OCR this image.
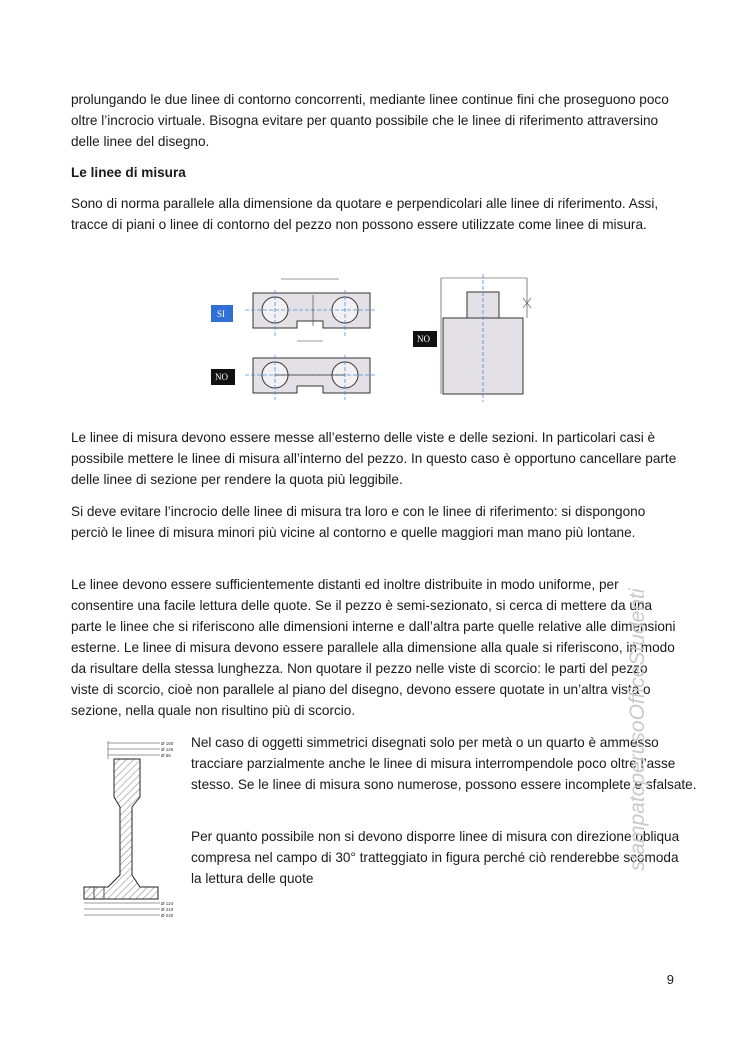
prolungando le due linee di contorno concorrenti, mediante linee continue fini che proseguono poco oltre l’incrocio virtuale. Bisogna evitare per quanto possibile che le linee di riferimento attraversino delle linee del disegno.

Le linee di misura

Sono di norma parallele alla dimensione da quotare e perpendicolari alle linee di riferimento. Assi, tracce di piani o linee di contorno del pezzo non possono essere utilizzate come linee di misura.

SI
NO
NO

Le linee di misura devono essere messe all’esterno delle viste e delle sezioni. In particolari casi è possibile mettere le linee di misura all’interno del pezzo. In questo caso è opportuno cancellare parte delle linee di sezione per rendere la quota più leggibile.

Si deve evitare l’incrocio delle linee di misura tra loro e con le linee di riferimento: si dispongono perciò le linee di misura minori più vicine al contorno e quelle maggiori man mano più lontane.

Le linee devono essere sufficientemente distanti ed inoltre distribuite in modo uniforme, per consentire una facile lettura delle quote. Se il pezzo è semi-sezionato, si cerca di mettere da una parte le linee che si riferiscono alle dimensioni interne e dall’altra parte quelle relative alle dimensioni esterne. Le linee di misura devono essere parallele alla dimensione alla quale si riferiscono, in modo da risultare della stessa lunghezza. Non quotare il pezzo nelle viste di scorcio: le parti del pezzo viste di scorcio, cioè non parallele al piano del disegno, devono essere quotate in un’altra vista o sezione, nella quale non risultino più di scorcio.

Ø 180
Ø 126
Ø 88
Ø 124
Ø 210
Ø 240

Nel caso di oggetti simmetrici disegnati solo per metà o un quarto è ammesso tracciare parzialmente anche le linee di misura interrompendole poco oltre l’asse stesso. Se le linee di misura sono numerose, possono essere incomplete e sfalsate.

Per quanto possibile non si devono disporre linee di misura con direzione obliqua compresa nel campo di 30° tratteggiato in figura perché ciò renderebbe scomoda la lettura delle quote

stampatoperusoOfficeStudenti
9
